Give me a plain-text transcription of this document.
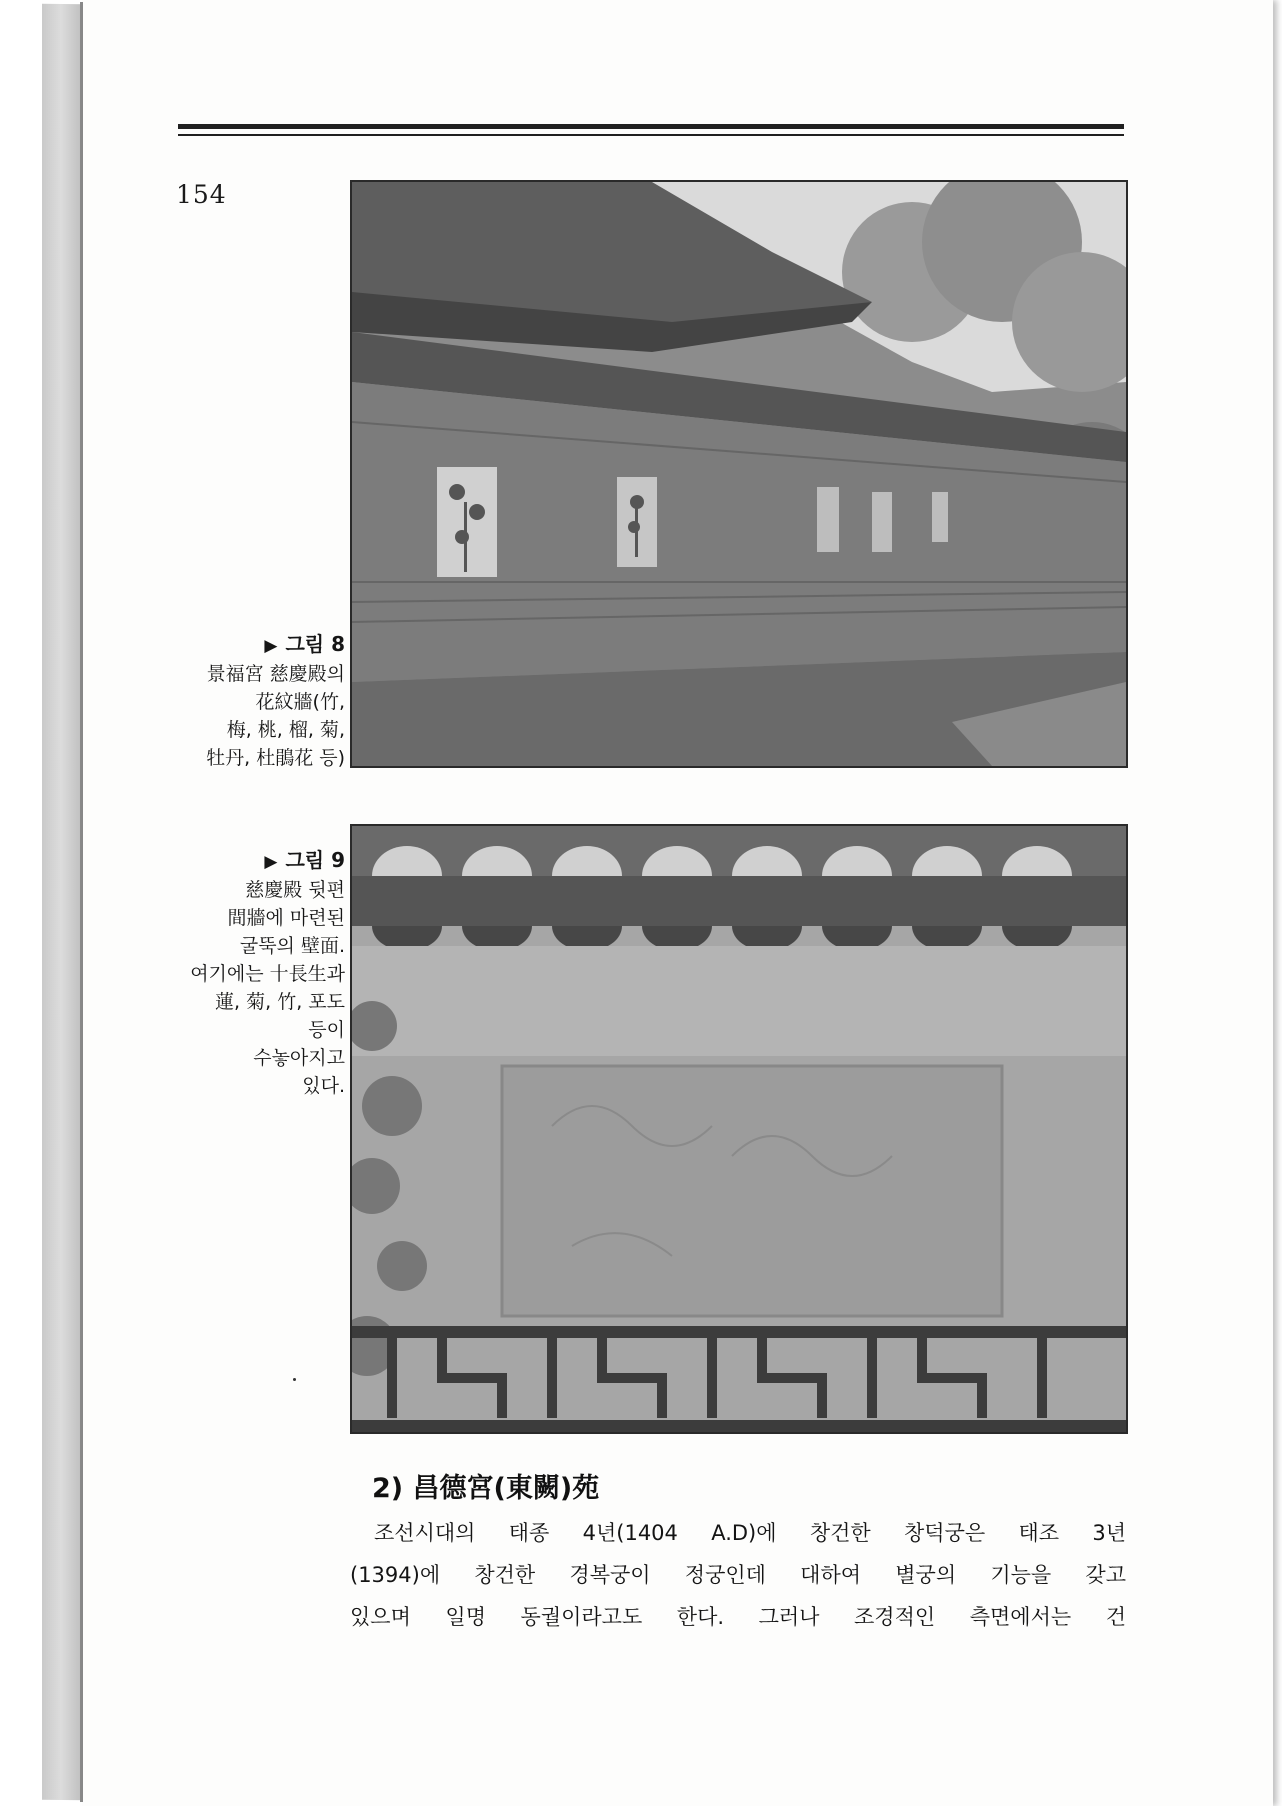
154
▶ 그림 8
景福宮 慈慶殿의
花紋牆(竹,
梅, 桃, 榴, 菊,
牡丹, 杜鵑花 등)
▶ 그림 9
慈慶殿 뒷편
間牆에 마련된
굴뚝의 壁面.
여기에는 十長生과
蓮, 菊, 竹, 포도
등이
수놓아지고
있다.
2) 昌德宮(東闕)苑
조선시대의 태종 4년(1404 A.D)에 창건한 창덕궁은 태조 3년
(1394)에 창건한 경복궁이 정궁인데 대하여 별궁의 기능을 갖고
있으며 일명 동궐이라고도 한다. 그러나 조경적인 측면에서는 건
